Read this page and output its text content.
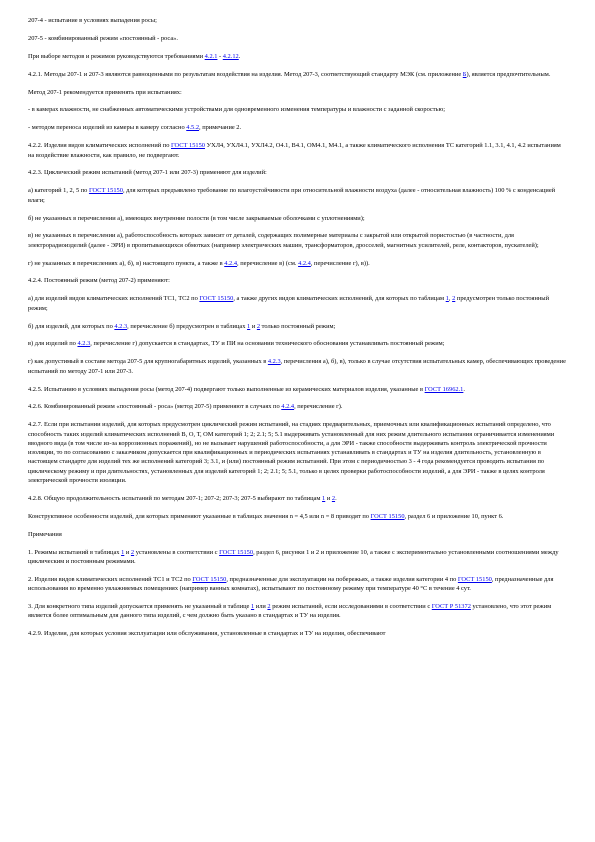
207-4 - испытание в условиях выпадения росы;

207-5 - комбинированный режим «постоянный - роса».

При выборе методов и режимов руководствуются требованиями 4.2.1 - 4.2.12.

4.2.1. Методы 207-1 и 207-3 являются равноценными по результатам воздействия на изделия. Метод 207-3, соответствующий стандарту МЭК (см. приложение Б), является предпочтительным.

Метод 207-1 рекомендуется применять при испытаниях:

- в камерах влажности, не снабженных автоматическими устройствами для одновременного изменения температуры и влажности с заданной скоростью;

- методом переноса изделий из камеры в камеру согласно 4.5.2, примечание 2.

4.2.2. Изделия видов климатических исполнений по ГОСТ 15150 УХЛ4, УХЛ4.1, УХЛ4.2, О4.1, В4.1, ОМ4.1, М4.1, а также климатического исполнения ТС категорий 1.1, 3.1, 4.1, 4.2 испытаниям на воздействие влажности, как правило, не подвергают.

4.2.3. Циклический режим испытаний (метод 207-1 или 207-3) применяют для изделий:

а) категорий 1, 2, 5 по ГОСТ 15150, для которых предъявлено требование по влагоустойчивости при относительной влажности воздуха (далее - относительная влажность) 100 % с конденсацией влаги;

б) не указанных в перечислении а), имеющих внутренние полости (в том числе закрываемые оболочками с уплотнениями);

в) не указанных в перечислении а), работоспособность которых зависит от деталей, содержащих полимерные материалы с закрытой или открытой пористостью (в частности, для электрорадиоизделий (далее - ЭРИ) в пропитывающихся обмотках (например электрических машин, трансформаторов, дросселей, магнитных усилителей, реле, контакторов, пускателей);

г) не указанных в перечислениях а), б), в) настоящего пункта, а также в 4.2.4, перечисление в) (см. 4.2.4, перечисление г), в)).

4.2.4. Постоянный режим (метод 207-2) применяют:

а) для изделий видов климатических исполнений ТС1, ТС2 по ГОСТ 15150, а также других видов климатических исполнений, для которых по таблицам 1, 2 предусмотрен только постоянный режим;

б) для изделий, для которых по 4.2.3, перечисление б) предусмотрен в таблицах 1 и 2 только постоянный режим;

в) для изделий по 4.2.3, перечисление г) допускается в стандартах, ТУ и ПИ на основании технического обоснования устанавливать постоянный режим;

г) как допустимый в составе метода 207-5 для крупногабаритных изделий, указанных в 4.2.3, перечисления а), б), в), только в случае отсутствия испытательных камер, обеспечивающих проведение испытаний по методу 207-1 или 207-3.

4.2.5. Испытанию в условиях выпадения росы (метод 207-4) подвергают только выполненные из керамических материалов изделия, указанные в ГОСТ 16962.1.

4.2.6. Комбинированный режим «постоянный - роса» (метод 207-5) применяют в случаях по 4.2.4, перечисление г).

4.2.7. Если при испытании изделий, для которых предусмотрен циклический режим испытаний, на стадиях предварительных, приемочных или квалификационных испытаний определено, что способность таких изделий климатических исполнений В, О, Т, ОМ категорий 1; 2; 2.1; 5; 5.1 выдерживать установленный для них режим длительного испытания ограничивается изменениями вводного вида (в том числе из-за коррозионных поражений), но не вызывает нарушений работоспособности, а для ЭРИ - также способности выдерживать контроль электрической прочности изоляции, то по согласованию с заказчиком допускается при квалификационных и периодических испытаниях устанавливать в стандартах и ТУ на изделия длительность, установленную в настоящем стандарте для изделий тех же исполнений категорий 3; 3.1, и (или) постоянный режим испытаний. При этом с периодичностью 3 - 4 года рекомендуется проводить испытания по циклическому режиму и при длительностях, установленных для изделий категорий 1; 2; 2.1; 5; 5.1, только в целях проверки работоспособности изделий, а для ЭРИ - также в целях контроля электрической прочности изоляции.

4.2.8. Общую продолжительность испытаний по методам 207-1; 207-2; 207-3; 207-5 выбирают по таблицам 1 и 2.

Конструктивное особенности изделий, для которых применяют указанные в таблицах значения n = 4,5 или n = 8 приводят по ГОСТ 15150, раздел 6 и приложение 10, пункт 6.

Примечания

1. Режимы испытаний в таблицах 1 и 2 установлены в соответствии с ГОСТ 15150, раздел 6, рисунки 1 и 2 и приложение 10, а также с экспериментально установленными соотношениями между циклическим и постоянным режимами.

2. Изделия видов климатических исполнений ТС1 и ТС2 по ГОСТ 15150, предназначенные для эксплуатации на побережьях, а также изделия категории 4 по ГОСТ 15150, предназначенные для использования во временно увлажняемых помещениях (например ванных комнатах), испытывают по постоянному режиму при температуре 40 °С в течение 4 сут.

3. Для конкретного типа изделий допускается применять не указанный в таблице 1 или 2 режим испытаний, если исследованиями в соответствии с ГОСТ Р 51372 установлено, что этот режим является более оптимальным для данного типа изделий, с чем должно быть указано в стандартах и ТУ на изделия.

4.2.9. Изделия, для которых условия эксплуатации или обслуживания, установленные в стандартах и ТУ на изделия, обеспечивают
